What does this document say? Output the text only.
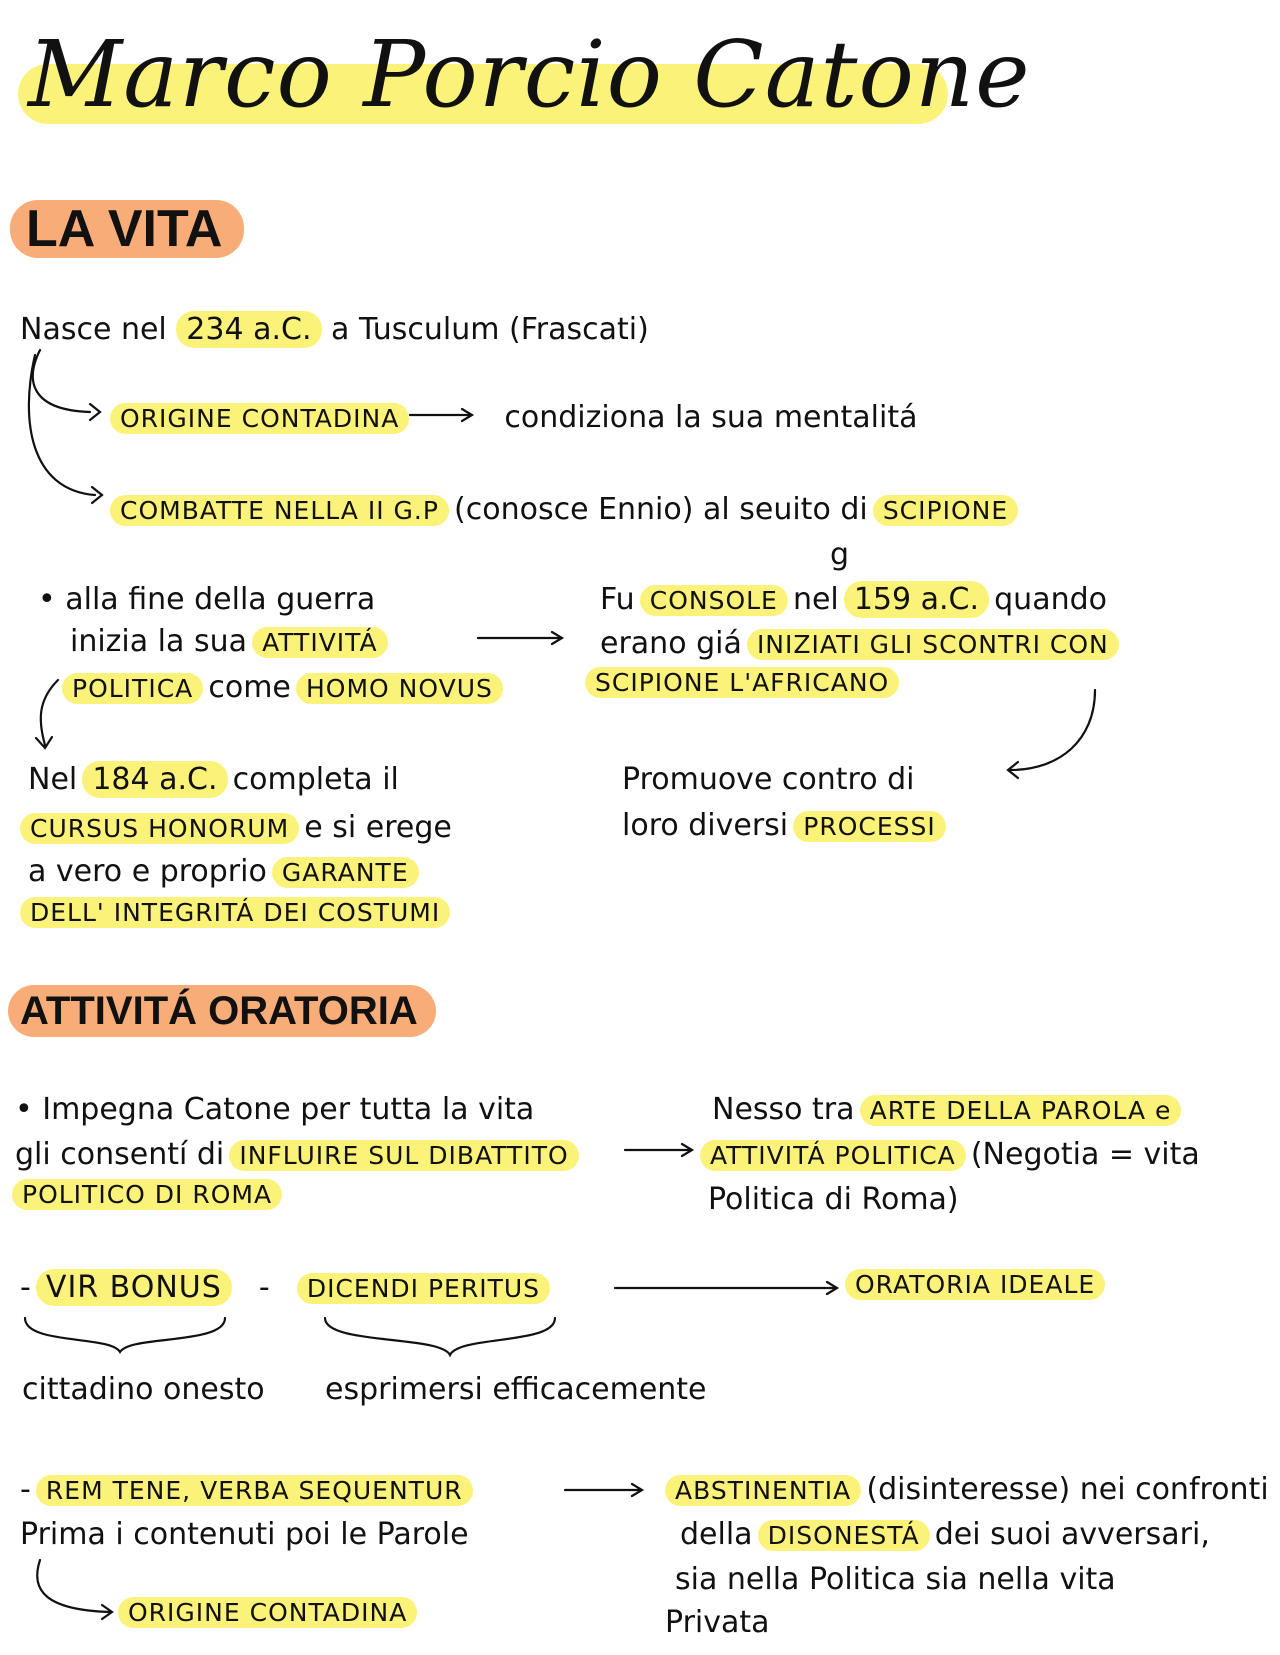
Marco Porcio Catone
LA VITA
Nasce nel 234 a.C. a Tusculum (Frascati)
ORIGINE CONTADINA	condiziona la sua mentalitá
COMBATTE NELLA II G.P (conosce Ennio) al seuito di SCIPIONE
g
• alla fine della guerra
inizia la sua ATTIVITÁ
POLITICA come HOMO NOVUS
Fu CONSOLE nel 159 a.C. quando
erano giá INIZIATI GLI SCONTRI CON
SCIPIONE L'AFRICANO
Nel 184 a.C. completa il
CURSUS HONORUM e si erege
a vero e proprio GARANTE
DELL' INTEGRITÁ DEI COSTUMI
Promuove contro di
loro diversi PROCESSI
ATTIVITÁ ORATORIA
• Impegna Catone per tutta la vita
gli consentí di INFLUIRE SUL DIBATTITO
POLITICO DI ROMA
Nesso tra ARTE DELLA PAROLA e
ATTIVITÁ POLITICA (Negotia = vita
Politica di Roma)
- VIR BONUS - DICENDI PERITUS	ORATORIA IDEALE
cittadino onesto esprimersi efficacemente
- REM TENE, VERBA SEQUENTUR
Prima i contenuti poi le Parole
ORIGINE CONTADINA
ABSTINENTIA (disinteresse) nei confronti
della DISONESTÁ dei suoi avversari,
sia nella Politica sia nella vita
Privata
